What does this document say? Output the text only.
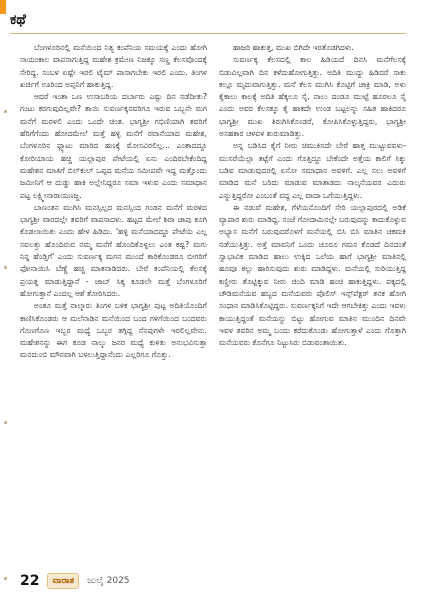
ಕಥೆ

ಬೆಂಗಳೂರಿನಲ್ಲಿ ಮನೆಯಿಂದ ನಿತ್ಯ ಕಂಪೆನಿಯ ಸಮಯಕ್ಕೆ ಎಂದು ಹೋಗಿ ಸಾಯಂಕಾಲ ವಾಪಸಾಗುತ್ತಿದ್ದ ಮಹೇಶ ಕ್ರಮೇಣ ನಿಜಕ್ಕೂ ಸಣ್ಣ ಕೆಲಸವೊಂದಕ್ಕೆ ಸೇರಿದ್ದ. ಸಂಬಳ ಏಷ್ಟೇ ಇರಲಿ ಟೈಮ್ ಪಾಸಾಗಬೇಕು ಇರಲಿ ಎಂದು. ತಿಂಗಳ ಖರ್ಚಿಗೆ ಊರಿಂದ ಅಪ್ಪನಿಗೆ ಹಾಕುತ್ತಿದ್ದ.

ಆದರೆ ಇಂತಾ ಒಣ ಉಸಾಬರಿಯ ದರ್ಬಾರು ಎಷ್ಟು ದಿನ ನಡೆದೀತು? ಗಂಟು ಕರಗುವುದಿಲ್ಲವೇ? ತಾಯಿ ಸುವರ್ಣಕ್ಕನವರಿಗೂ ಇರುವ ಒಬ್ಬನೇ ಮಗ ಮನೆಗೆ ಮರಳಲಿ ಎಂದು ಒಂದೇ ಚಿಂತ. ಭಾಗ್ಯಶ್ರೀ ಗಭಿಣಿಯಾಗಿ ತವರಿಗೆ ಹೆರಿಗೆಗೆಂದು ಹೋದಮೇಲೆ ಮತ್ತೆ ಹಳ್ಳಿ ಮನೆಗೆ ರವಾನೆಯಾದ ಮಹೇಶ, ಬೆಂಗಳೂರಿನ ಫ್ಲ್ಯಾಟು ಮಾರಿದ ಹಣಕ್ಕೆ ಮೋಸವಿರಲಿಲ್ಲ... ಎಂತಾದದ್ದೂ ಕೋರಿಯಾಯ ಹಚ್ಚಿ ಯಲ್ಲಾಪುರ ಪೇಟೆಯಲ್ಲಿ ಏನು ಎಂದಿರಬೇಕೆಂದಿದ್ದ ಮಹೇಶನ ಮಾತಿಗೆ ಬಿಲ್‌ಕುಲ್ ಒಪ್ಪದ ಮನೆಯ ಸಮೀಪವೇ ಇದ್ದ ಮತ್ತೊಂದು ಜಮೀನಿಗೆ ಆ ದುಡ್ಡು ಹಾಕಿ ಅಲ್ಲೇನಿದ್ದರೂ ಸಮಾ ಇಳುವ ಎಂದು ಸಮಾಧಾನ ಪಟ್ಟ ಲಕ್ಷ್ಮೀನಾರಾಯಣಜ್ಜ.

ಬಾಣಂತನ ಮುಗಿಸಿ ಮನಸ್ಸಿಲ್ಲದ ಮನಸ್ಸಿಂದ ಗಂಡನ ಮನೆಗೆ ಮರಳಿದ ಭಾಗ್ಯಶ್ರೀ ವಾರದಲ್ಲೇ ತವರಿಗೆ ವಾಪಸಾದಳು. ಹಟ್ಟದ ಮೇಲೆ ಶಿರಾ ಚಾಪು ಕೂಗಿ ಕೊಡಲಾಯಿತು ಎಂದು ಹೇಳ ಹಿಡಿದು. 'ಹಳ್ಳಿ ಮನೆಯಾದದ್ದೂ ಪೇಟೆಯ ಎಲ್ಲ ಸವಲತ್ತು ಹೊಂದಿರುವ ನಮ್ಮ ಮನೆಗೆ ಹೊಂದಿಕೊಳ್ಳಲು ಎಂತ ಕಷ್ಟ? ಮಗು ನಿನ್ನ ಹೆಂಡ್ತಿಗೆ' ಎಂದು ಸುವರ್ಣಕ್ಕ ಮಗನ ಮುಂದೆ ಕಾರಿಕೊಂಡರೂ ಬೀಗರಿಗೆ ಫೋನಾಯಿಸಿ ಬೆಣ್ಣೆ ಹಚ್ಚಿ ಮಾತನಾಡಿದರು. ಬೇರೆ ಕಂಪೆನಿಯಲ್ಲಿ ಕೆಲಸಕ್ಕೆ ಪ್ರಯತ್ನ ಮಾಡುತ್ತಿದ್ದಾನೆ - ಜಾಬ್ ಸಿಕ್ಕ ಕೂಡಲೇ ಮತ್ತೆ ಬೆಂಗಳೂರಿಗೆ ಹೋಗುತ್ತಾನೆ ಎಂದಲ್ಲ ಆಶೆ ತೋರಿಸಿದರು.

ಅಂತೂ ಮತ್ತೆ ನಾಲ್ಕಾರು ತಿಂಗಳ ಬಳಿಕ ಭಾಗ್ಯಶ್ರೀ ಪುಟ್ಟ ಅದಿತಿಯೊಂದಿಗೆ ಕಾಣಿಸಿಕೊಂಡರು ಆ ಮಲೆನಾಡಿನ ಮನೆಯಿಂದ ಬಂದ ಗಳಿಗೆಯಿಂದ ಬಂದವರು ಗೊಣಗೊಣ ಇಬ್ಬರ ಮಧ್ಯೆ ಒಬ್ಬರ ತಗ್ಗಿದ್ದ ನೆನಪುಗಳೇ ಇರಲಿಲ್ಲವೇನು. ಮಹೇಶನನ್ನು ಈಗ ಕೂಡ ನಾಲ್ಕು ಜನರ ಮಧ್ಯೆ ಕುಳಿತು ಅನುಭವಿಸುತ್ತಾ ಮನದುಂಬಿ ಮೌನವಾಗಿ ಬಳಲುತ್ತಿದ್ದಾನೆಂದು ಎಲ್ಲರಿಗೂ ಗೊತ್ತು.

ಹಾಜರಿ ಹಾಕುತ್ತ, ಮುಖ ಬಿಗಿದೇ ಇರತೊಡಗಿದಳು.

ಸುವರ್ಣಕ್ಕ ಕೆಲಸದಲ್ಲಿ ಕಾಲ ಹಿಡಿಯದೆ ದಿನಸಿ ಮನೆಗೆಲಸಕ್ಕೆ ಬಿಡುವಿಲ್ಲವಾಗಿ ದಿನ ಕಳೆದುಹೋಗುತ್ತಿತ್ತು. ಅದಿತಿ ಮುದ್ದು ಹಿಡಿದರೆ ಸಾಕು ಕಲ್ಲೂ ಮೃದುವಾಗುತ್ತಿತ್ತು. ಮನೆ ಕೆಲಸ ಮುಗಿಸಿ ಕೊಟ್ಟಿಗೆ ಚಾಕ್ರಿ ಮಾಡಿ, ಅಳು ಕೈಕಾಲು ಕಾಲಕ್ಕೆ ಅದಿತಿ ಹೆಕ್ಕಲೂ ಸೈ, ನಾಲು ದಂಡೂ ಮುಟ್ಟೆ ಹೂರಲೂ ಸೈ ಎಂದು ಅವರ ಕೆಲಸಕ್ಕೂ ಕೈ ಹಾಕದೇ ಉಂಡ ಬಟ್ಟಲನ್ನು ಸಹಿತ ಹಾಕಿದರೂ ಭಾಗ್ಯಶ್ರೀ ಮುಖ ತಿರುಗಿಸಿಕೊಂಡರೆ, ಕೋಪಿಸಿಕೊಳ್ಳುತ್ತಿದ್ದರು, ಭಾಗ್ಯಶ್ರೀ ಅಸಹಕಾರ ಚಳವಳಿ ಶುರುಮಾಡಿತ್ತು.

ಅನ್ನ ಬಡಿಸಿದ ಕೈಗೆ ನೀರು ಚಿಮುಕಿಸದೇ ಬೇರೆ ಹಾತ್ತ ಮುಟ್ಟುವವಳು- ಮುಸರೆಯೆಲ್ಲಾ ತಟ್ಟೆಗೆ ಎಂದು ಗೊತ್ತಿದ್ದೂ ಬೇಕೆಂದೇ ಅತ್ತೆಯ ಕಾಲಿಗೆ ಸಿಕ್ಕು ಬಡಿವ ಮಾಡುವುದರಲ್ಲಿ ಏನೋ ಸಮಾಧಾನ ಅವಳಿಗೆ. ಎಲ್ಲ ಸಲು ಅವಳಿಗೆ ಮಾಡಿದ ಮನೆ ಬರಿದು ಮಾಡುವ ಮಾತಾಡದು ನಾಲ್ಕನೆಯವರ ಎದುರು ಎನ್ನುತ್ತಿದ್ದರೋ ಎಂಬಂತೆ ವದ್ದ ಎಲ್ಲ ವಾದಾ ಒಗೆಯುತ್ತಿದ್ದಳು.

ಈ ನಡುವೆ ಮಹೇಶ, ಗೆಳೆಯನೊಂದಿಗೆ ಸೇರಿ ಯಲ್ಲಾಪುರದಲ್ಲಿ ಅಡಿಕೆ ವ್ಯಾಪಾರ ಶುರು ಮಾಡಿದ್ದ. ಸಂಜೆ ಗೋದಾಮಿನಲ್ಲೇ ಬರುವುದನ್ನು ಕಾದುಕೊಳ್ಳುವ ಅಭ್ಯಾಸ ಮನೆಗೆ ಬರುವುದರೊಳಗೆ ಮನೆಯಲ್ಲಿ ಬಿಸಿ ಬಿಸಿ ಮಾತಿನ ಚಕಮಕಿ ನಡೆಯುತ್ತಿತ್ತು. ಅತ್ತೆ ಮಾವನಿಗೆ ಒಂದು ಚೂರೂ ಗಮನ ಕೊಡದೆ ದಿನದಂತೆ ಸ್ವಾಭಾವಿಕ ಮಾಡಿದ ಹಾಲು ಉಕ್ಕಿದ ಒಲೆಯ ಹಾಗೆ ಭಾಗ್ಯಶ್ರೀ ಮಾತಿನಲ್ಲಿ ಹೂವೂ ಕಲ್ಲು ಹಾರಿಸುವುದು ಶುರು ಮಾಡಿದ್ದಳು. ಮನೆಯಲ್ಲಿ ಸುರಿಯುತ್ತಿದ್ದ ಕಣ್ಣೀರು ತೊಟ್ಟಿಕ್ಕುವ ನೀರು ಚಿಂದಿ ಮಾಡಿ ಹಂಚಿ ಹಾಕುತ್ತಿದ್ದಳು. ಪಕ್ಕದಲ್ಲಿ ಚೌಡಿಮನೆಯವ ಹಬ್ಬದ ಮನೆಯವರು ಪೊಲಿಸ್ ಇನ್ಸ್‌ಪೆಕ್ಟರ್ ತನಕ ಹೋಗಿ ಸಂಧಾನ ಮಾಡಿಸಿಕೊಟ್ಟಿದ್ದರು. ಸುವರ್ಣಕ್ಕನಿಗೆ ಇದೇ ಆಗಬೇಕಿತ್ತು ಎಂದು ಇವಳು ಕಾಯುತ್ತಿದ್ದಂತೆ ಮನೆಯನ್ನು ಬಿಟ್ಟು ಹೋಗುವ ಮಾತಿನ ಮುಂದಿನ ದಿನವೇ ಇವಳ ತವರಿನ ಅಮ್ಮ ಬಂದು ಕರೆದುಕೊಂಡು ಹೋಗುತ್ತಾಳೆ ಎಂದು ಗೊತ್ತಾಗಿ ಮನೆಯವರು ಕೊನೆಗೂ ನಿಟ್ಟುಸಿರು ಬಿಡುವಂತಾಯಿತು.

22	ವಾರಾತ	ಜುಲೈ 2025
